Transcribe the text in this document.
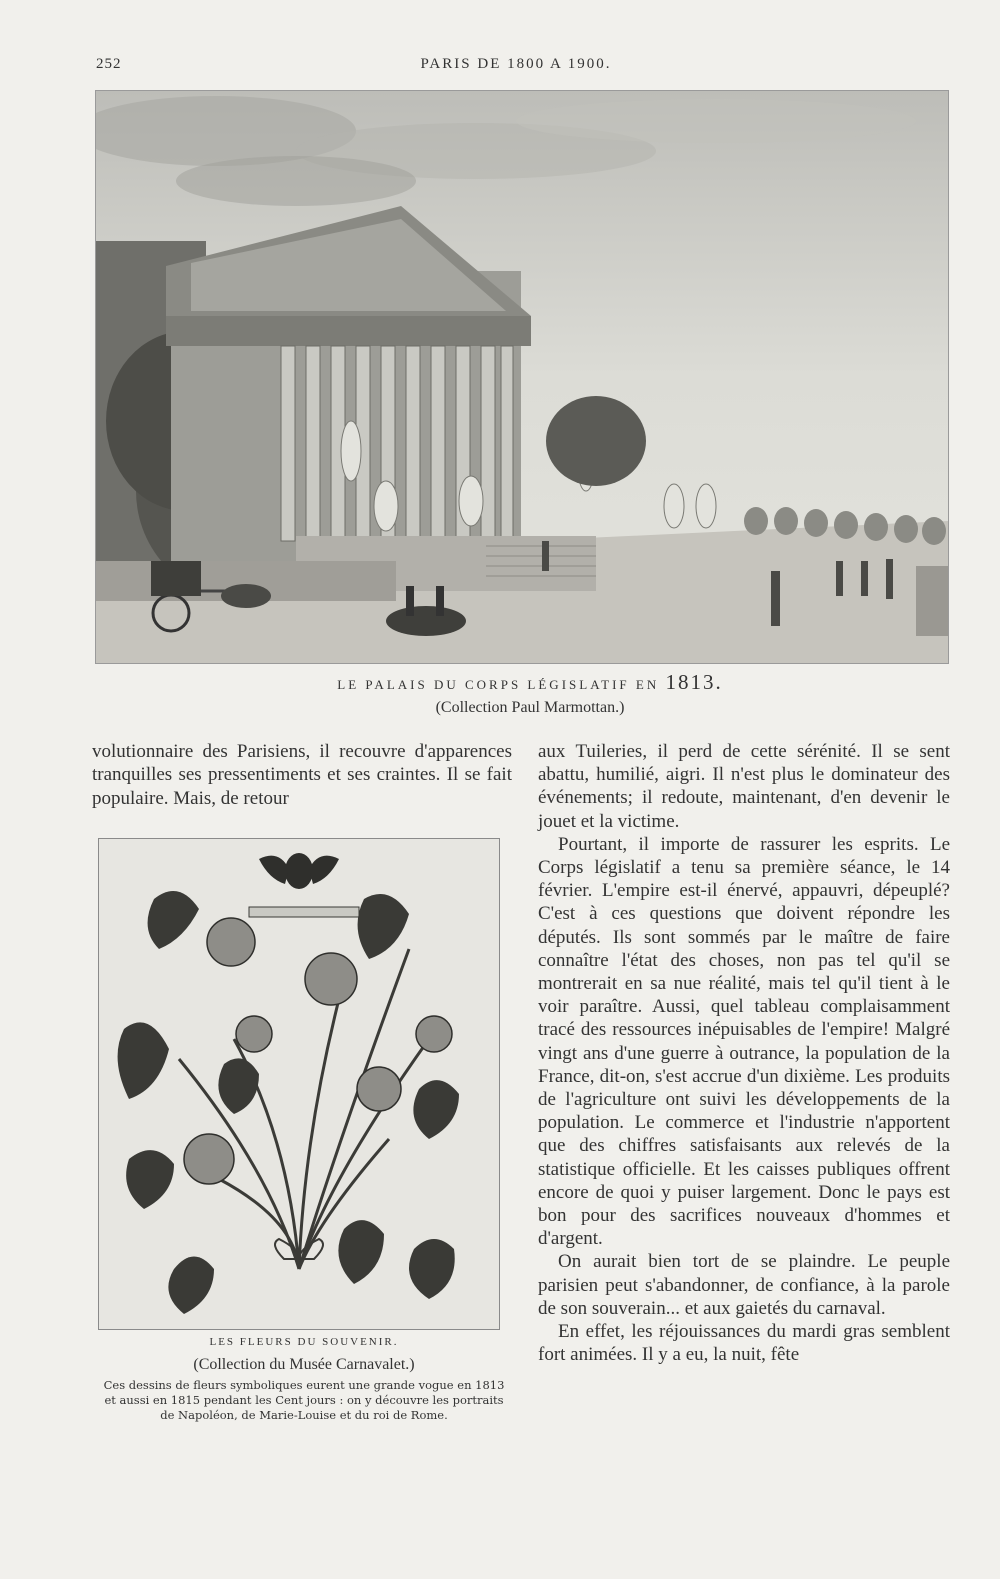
252	PARIS DE 1800 A 1900.
LE PALAIS DU CORPS LÉGISLATIF EN 1813.
(Collection Paul Marmottan.)

volutionnaire des Parisiens, il recouvre d'apparences tranquilles ses pressentiments et ses craintes. Il se fait populaire. Mais, de retour

LES FLEURS DU SOUVENIR.
(Collection du Musée Carnavalet.)
Ces dessins de fleurs symboliques eurent une grande vogue en 1813 et aussi en 1815 pendant les Cent jours : on y découvre les portraits de Napoléon, de Marie-Louise et du roi de Rome.

aux Tuileries, il perd de cette sérénité. Il se sent abattu, humilié, aigri. Il n'est plus le dominateur des événements; il redoute, maintenant, d'en devenir le jouet et la victime.

Pourtant, il importe de rassurer les esprits. Le Corps législatif a tenu sa première séance, le 14 février. L'empire est-il énervé, appauvri, dépeuplé? C'est à ces questions que doivent répondre les députés. Ils sont sommés par le maître de faire connaître l'état des choses, non pas tel qu'il se montrerait en sa nue réalité, mais tel qu'il tient à le voir paraître. Aussi, quel tableau complaisamment tracé des ressources inépuisables de l'empire! Malgré vingt ans d'une guerre à outrance, la population de la France, dit-on, s'est accrue d'un dixième. Les produits de l'agriculture ont suivi les développements de la population. Le commerce et l'industrie n'apportent que des chiffres satisfaisants aux relevés de la statistique officielle. Et les caisses publiques offrent encore de quoi y puiser largement. Donc le pays est bon pour des sacrifices nouveaux d'hommes et d'argent.

On aurait bien tort de se plaindre. Le peuple parisien peut s'abandonner, de confiance, à la parole de son souverain... et aux gaietés du carnaval.

En effet, les réjouissances du mardi gras semblent fort animées. Il y a eu, la nuit, fête
